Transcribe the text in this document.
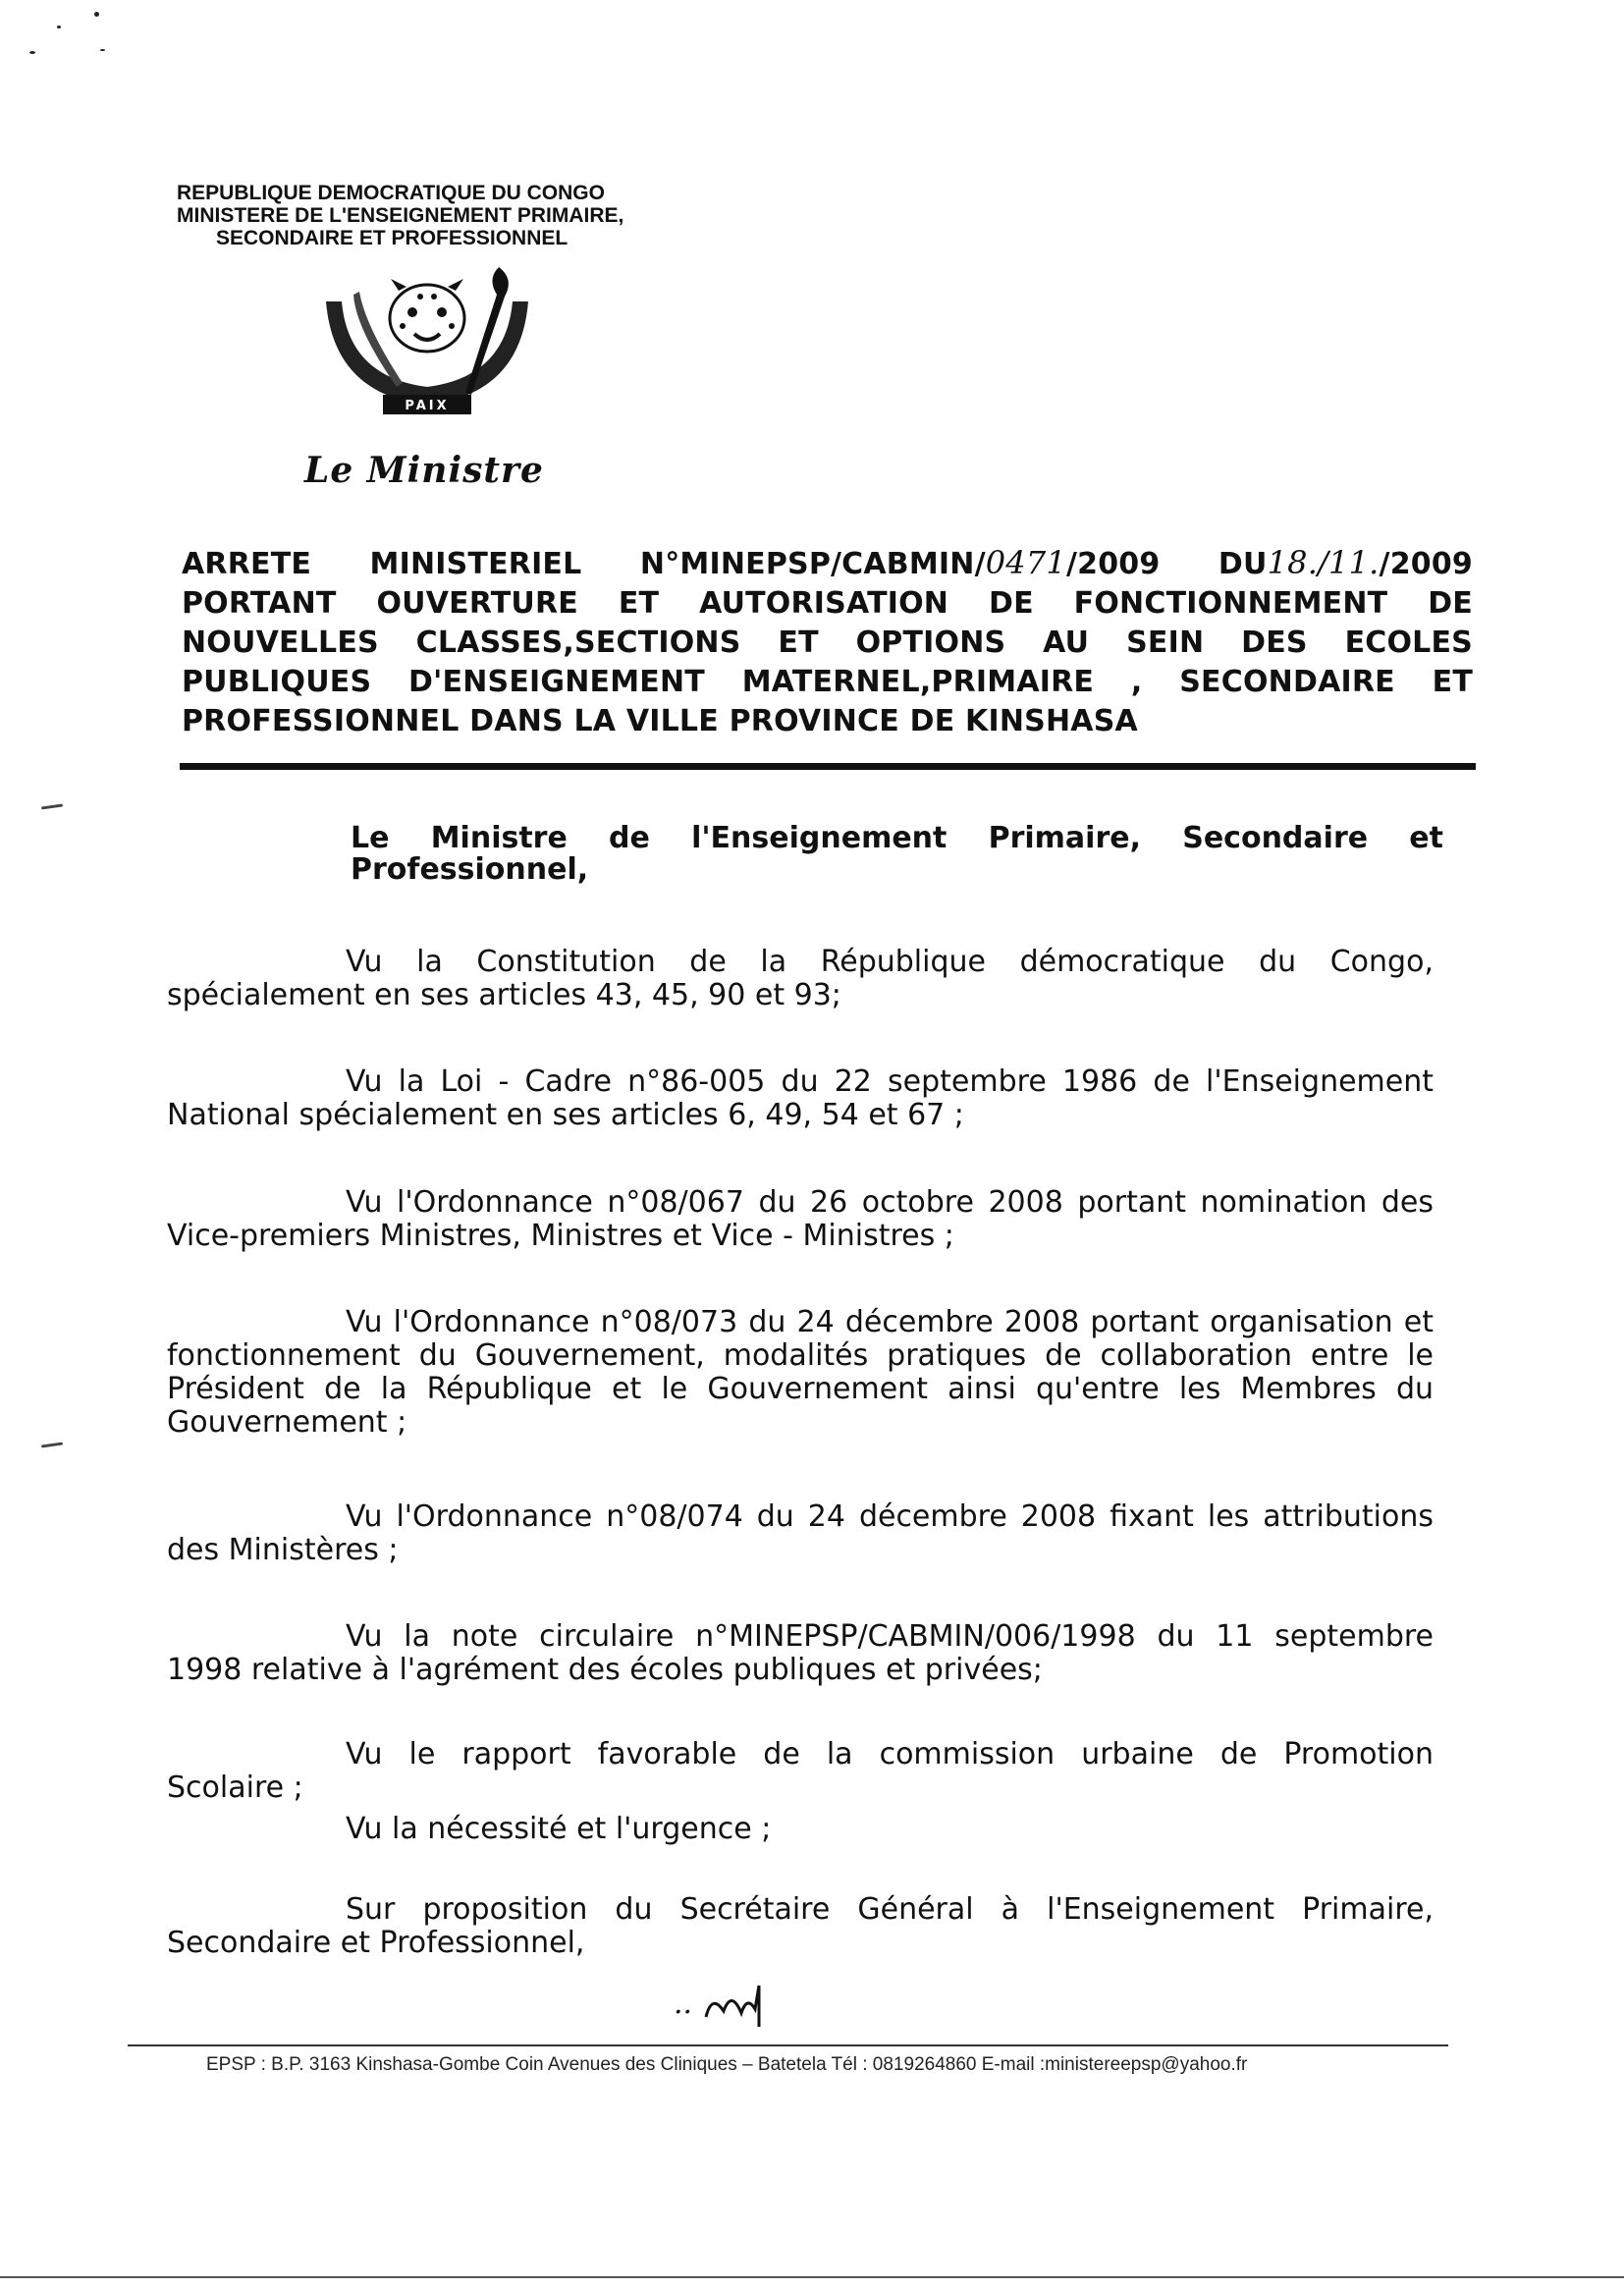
REPUBLIQUE DEMOCRATIQUE DU CONGO
MINISTERE DE L'ENSEIGNEMENT PRIMAIRE,
SECONDAIRE ET PROFESSIONNEL
PAIX
Le Ministre
ARRETE MINISTERIEL N°MINEPSP/CABMIN/0471/2009 DU18./11./2009
PORTANT OUVERTURE ET AUTORISATION DE FONCTIONNEMENT DE
NOUVELLES CLASSES,SECTIONS ET OPTIONS AU SEIN DES ECOLES
PUBLIQUES D'ENSEIGNEMENT MATERNEL,PRIMAIRE , SECONDAIRE ET
PROFESSIONNEL DANS LA VILLE PROVINCE DE KINSHASA
Le Ministre de l'Enseignement Primaire, Secondaire et
Professionnel,
Vu la Constitution de la République démocratique du Congo,
spécialement en ses articles 43, 45, 90 et 93;
Vu la Loi - Cadre n°86-005 du 22 septembre 1986 de l'Enseignement
National spécialement en ses articles 6, 49, 54 et 67 ;
Vu l'Ordonnance n°08/067 du 26 octobre 2008 portant nomination des
Vice-premiers Ministres, Ministres et Vice - Ministres ;
Vu l'Ordonnance n°08/073 du 24 décembre 2008 portant organisation et
fonctionnement du Gouvernement, modalités pratiques de collaboration entre le
Président de la République et le Gouvernement ainsi qu'entre les Membres du
Gouvernement ;
Vu l'Ordonnance n°08/074 du 24 décembre 2008 fixant les attributions
des Ministères ;
Vu la note circulaire n°MINEPSP/CABMIN/006/1998 du 11 septembre
1998 relative à l'agrément des écoles publiques et privées;
Vu le rapport favorable de la commission urbaine de Promotion
Scolaire ;
Vu la nécessité et l'urgence ;
Sur proposition du Secrétaire Général à l'Enseignement Primaire,
Secondaire et Professionnel,
..
EPSP : B.P. 3163 Kinshasa-Gombe Coin Avenues des Cliniques – Batetela Tél : 0819264860 E-mail :ministereepsp@yahoo.fr
